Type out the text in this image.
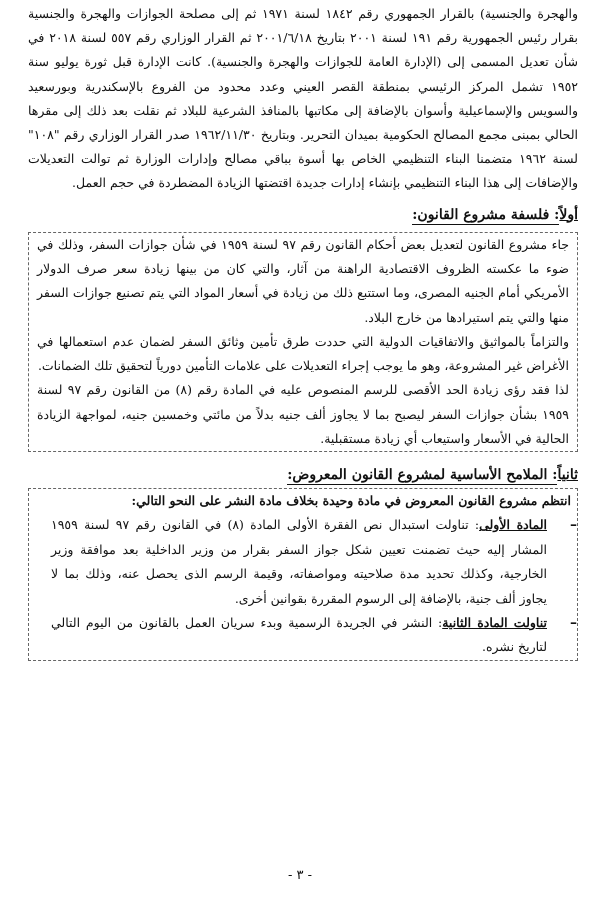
والهجرة والجنسية) بالقرار الجمهوري رقم ١٨٤٢ لسنة ١٩٧١ ثم إلى مصلحة الجوازات والهجرة والجنسية بقرار رئيس الجمهورية رقم ١٩١ لسنة ٢٠٠١ بتاريخ ٢٠٠١/٦/١٨ ثم القرار الوزاري رقم ٥٥٧ لسنة ٢٠١٨ في شأن تعديل المسمى إلى (الإدارة العامة للجوازات والهجرة والجنسية). كانت الإدارة قبل ثورة يوليو سنة ١٩٥٢ تشمل المركز الرئيسي بمنطقة القصر العيني وعدد محدود من الفروع بالإسكندرية وبورسعيد والسويس والإسماعيلية وأسوان بالإضافة إلى مكاتبها بالمنافذ الشرعية للبلاد ثم نقلت بعد ذلك إلى مقرها الحالي بمبنى مجمع المصالح الحكومية بميدان التحرير. وبتاريخ ١٩٦٢/١١/٣٠ صدر القرار الوزاري رقم "١٠٨" لسنة ١٩٦٢ متضمنا البناء التنظيمي الخاص بها أسوة بباقي مصالح وإدارات الوزارة ثم توالت التعديلات والإضافات إلى هذا البناء التنظيمي بإنشاء إدارات جديدة اقتضتها الزيادة المضطردة في حجم العمل.

أولاً: فلسفة مشروع القانون:

جاء مشروع القانون لتعديل بعض أحكام القانون رقم ٩٧ لسنة ١٩٥٩ في شأن جوازات السفر، وذلك في ضوء ما عكسته الظروف الاقتصادية الراهنة من آثار، والتي كان من بينها زيادة سعر صرف الدولار الأمريكي أمام الجنيه المصرى، وما استتبع ذلك من زيادة في أسعار المواد التي يتم تصنيع جوازات السفر منها والتي يتم استيرادها من خارج البلاد.

والتزاماً بالمواثيق والاتفاقيات الدولية التي حددت طرق تأمين وثائق السفر لضمان عدم استعمالها في الأغراض غير المشروعة، وهو ما يوجب إجراء التعديلات على علامات التأمين دورياً لتحقيق تلك الضمانات.

لذا فقد رؤى زيادة الحد الأقصى للرسم المنصوص عليه في المادة رقم (٨) من القانون رقم ٩٧ لسنة ١٩٥٩ بشأن جوازات السفر ليصبح بما لا يجاوز ألف جنيه بدلاً من مائتي وخمسين جنيه، لمواجهة الزيادة الحالية في الأسعار واستيعاب أي زيادة مستقبلية.

ثانياً: الملامح الأساسية لمشروع القانون المعروض:
انتظم مشروع القانون المعروض في مادة وحيدة بخلاف مادة النشر على النحو التالي:
–

المادة الأولى: تناولت استبدال نص الفقرة الأولى المادة (٨) في القانون رقم ٩٧ لسنة ١٩٥٩ المشار إليه حيث تضمنت تعيين شكل جواز السفر بقرار من وزير الداخلية بعد موافقة وزير الخارجية، وكذلك تحديد مدة صلاحيته ومواصفاته، وقيمة الرسم الذى يحصل عنه، وذلك بما لا يجاوز ألف جنية، بالإضافة إلى الرسوم المقررة بقوانين أخرى.

–

تناولت المادة الثانية: النشر في الجريدة الرسمية وبدء سريان العمل بالقانون من اليوم التالي لتاريخ نشره.

- ٣ -
